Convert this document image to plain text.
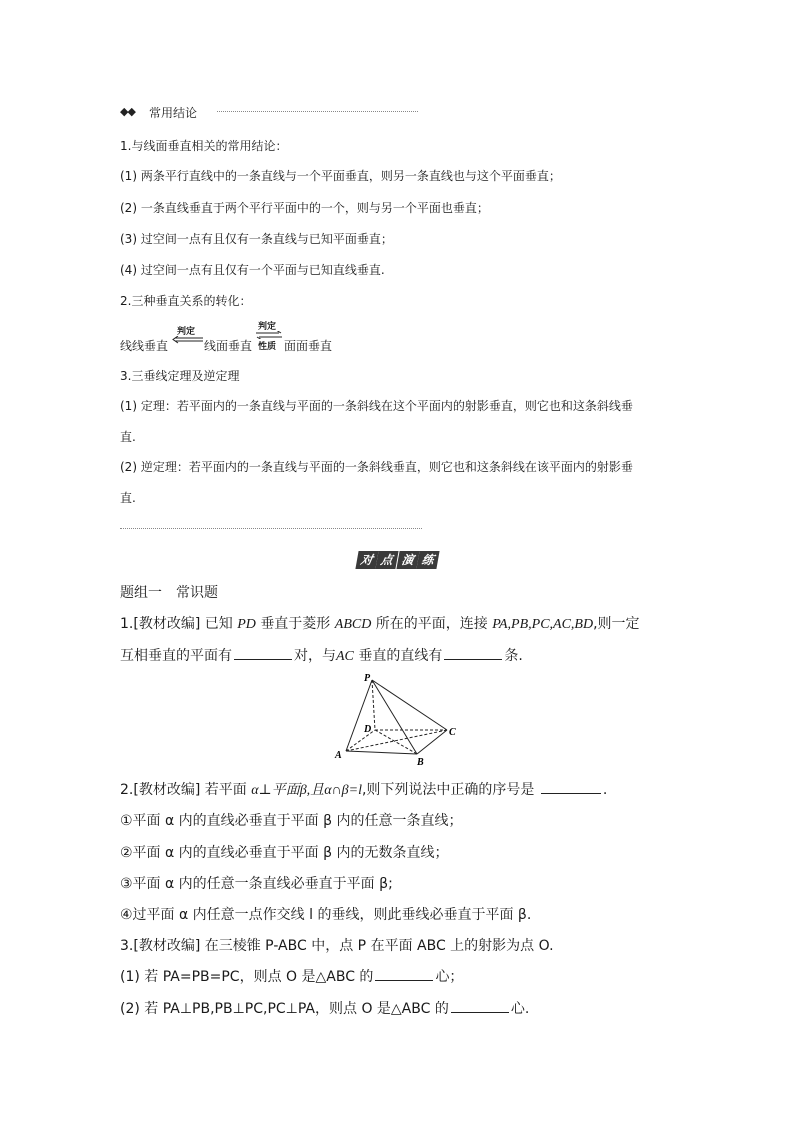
◆◆ 常用结论
1.与线面垂直相关的常用结论：
(1) 两条平行直线中的一条直线与一个平面垂直，则另一条直线也与这个平面垂直；
(2) 一条直线垂直于两个平行平面中的一个，则与另一个平面也垂直；
(3) 过空间一点有且仅有一条直线与已知平面垂直；
(4) 过空间一点有且仅有一个平面与已知直线垂直.
2.三种垂直关系的转化：
线线垂直
判定
线面垂直
判定
性质 面面垂直
3.三垂线定理及逆定理
(1) 定理：若平面内的一条直线与平面的一条斜线在这个平面内的射影垂直，则它也和这条斜线垂
直.
(2) 逆定理：若平面内的一条直线与平面的一条斜线垂直，则它也和这条斜线在该平面内的射影垂
直.
对 点 演 练
题组一　常识题
1.[教材改编] 已知 PD 垂直于菱形 ABCD 所在的平面，连接 PA,PB,PC,AC,BD,则一定
互相垂直的平面有	对，与AC 垂直的直线有	条.
P
D	C
A
B
2.[教材改编] 若平面 α⊥平面β,且α∩β=l,则下列说法中正确的序号是	.
①平面 α 内的直线必垂直于平面 β 内的任意一条直线；
②平面 α 内的直线必垂直于平面 β 内的无数条直线；
③平面 α 内的任意一条直线必垂直于平面 β;
④过平面 α 内任意一点作交线 l 的垂线，则此垂线必垂直于平面 β.
3.[教材改编] 在三棱锥 P-ABC 中，点 P 在平面 ABC 上的射影为点 O.
(1) 若 PA=PB=PC，则点 O 是△ABC 的	心；
(2) 若 PA⊥PB,PB⊥PC,PC⊥PA，则点 O 是△ABC 的	心.
